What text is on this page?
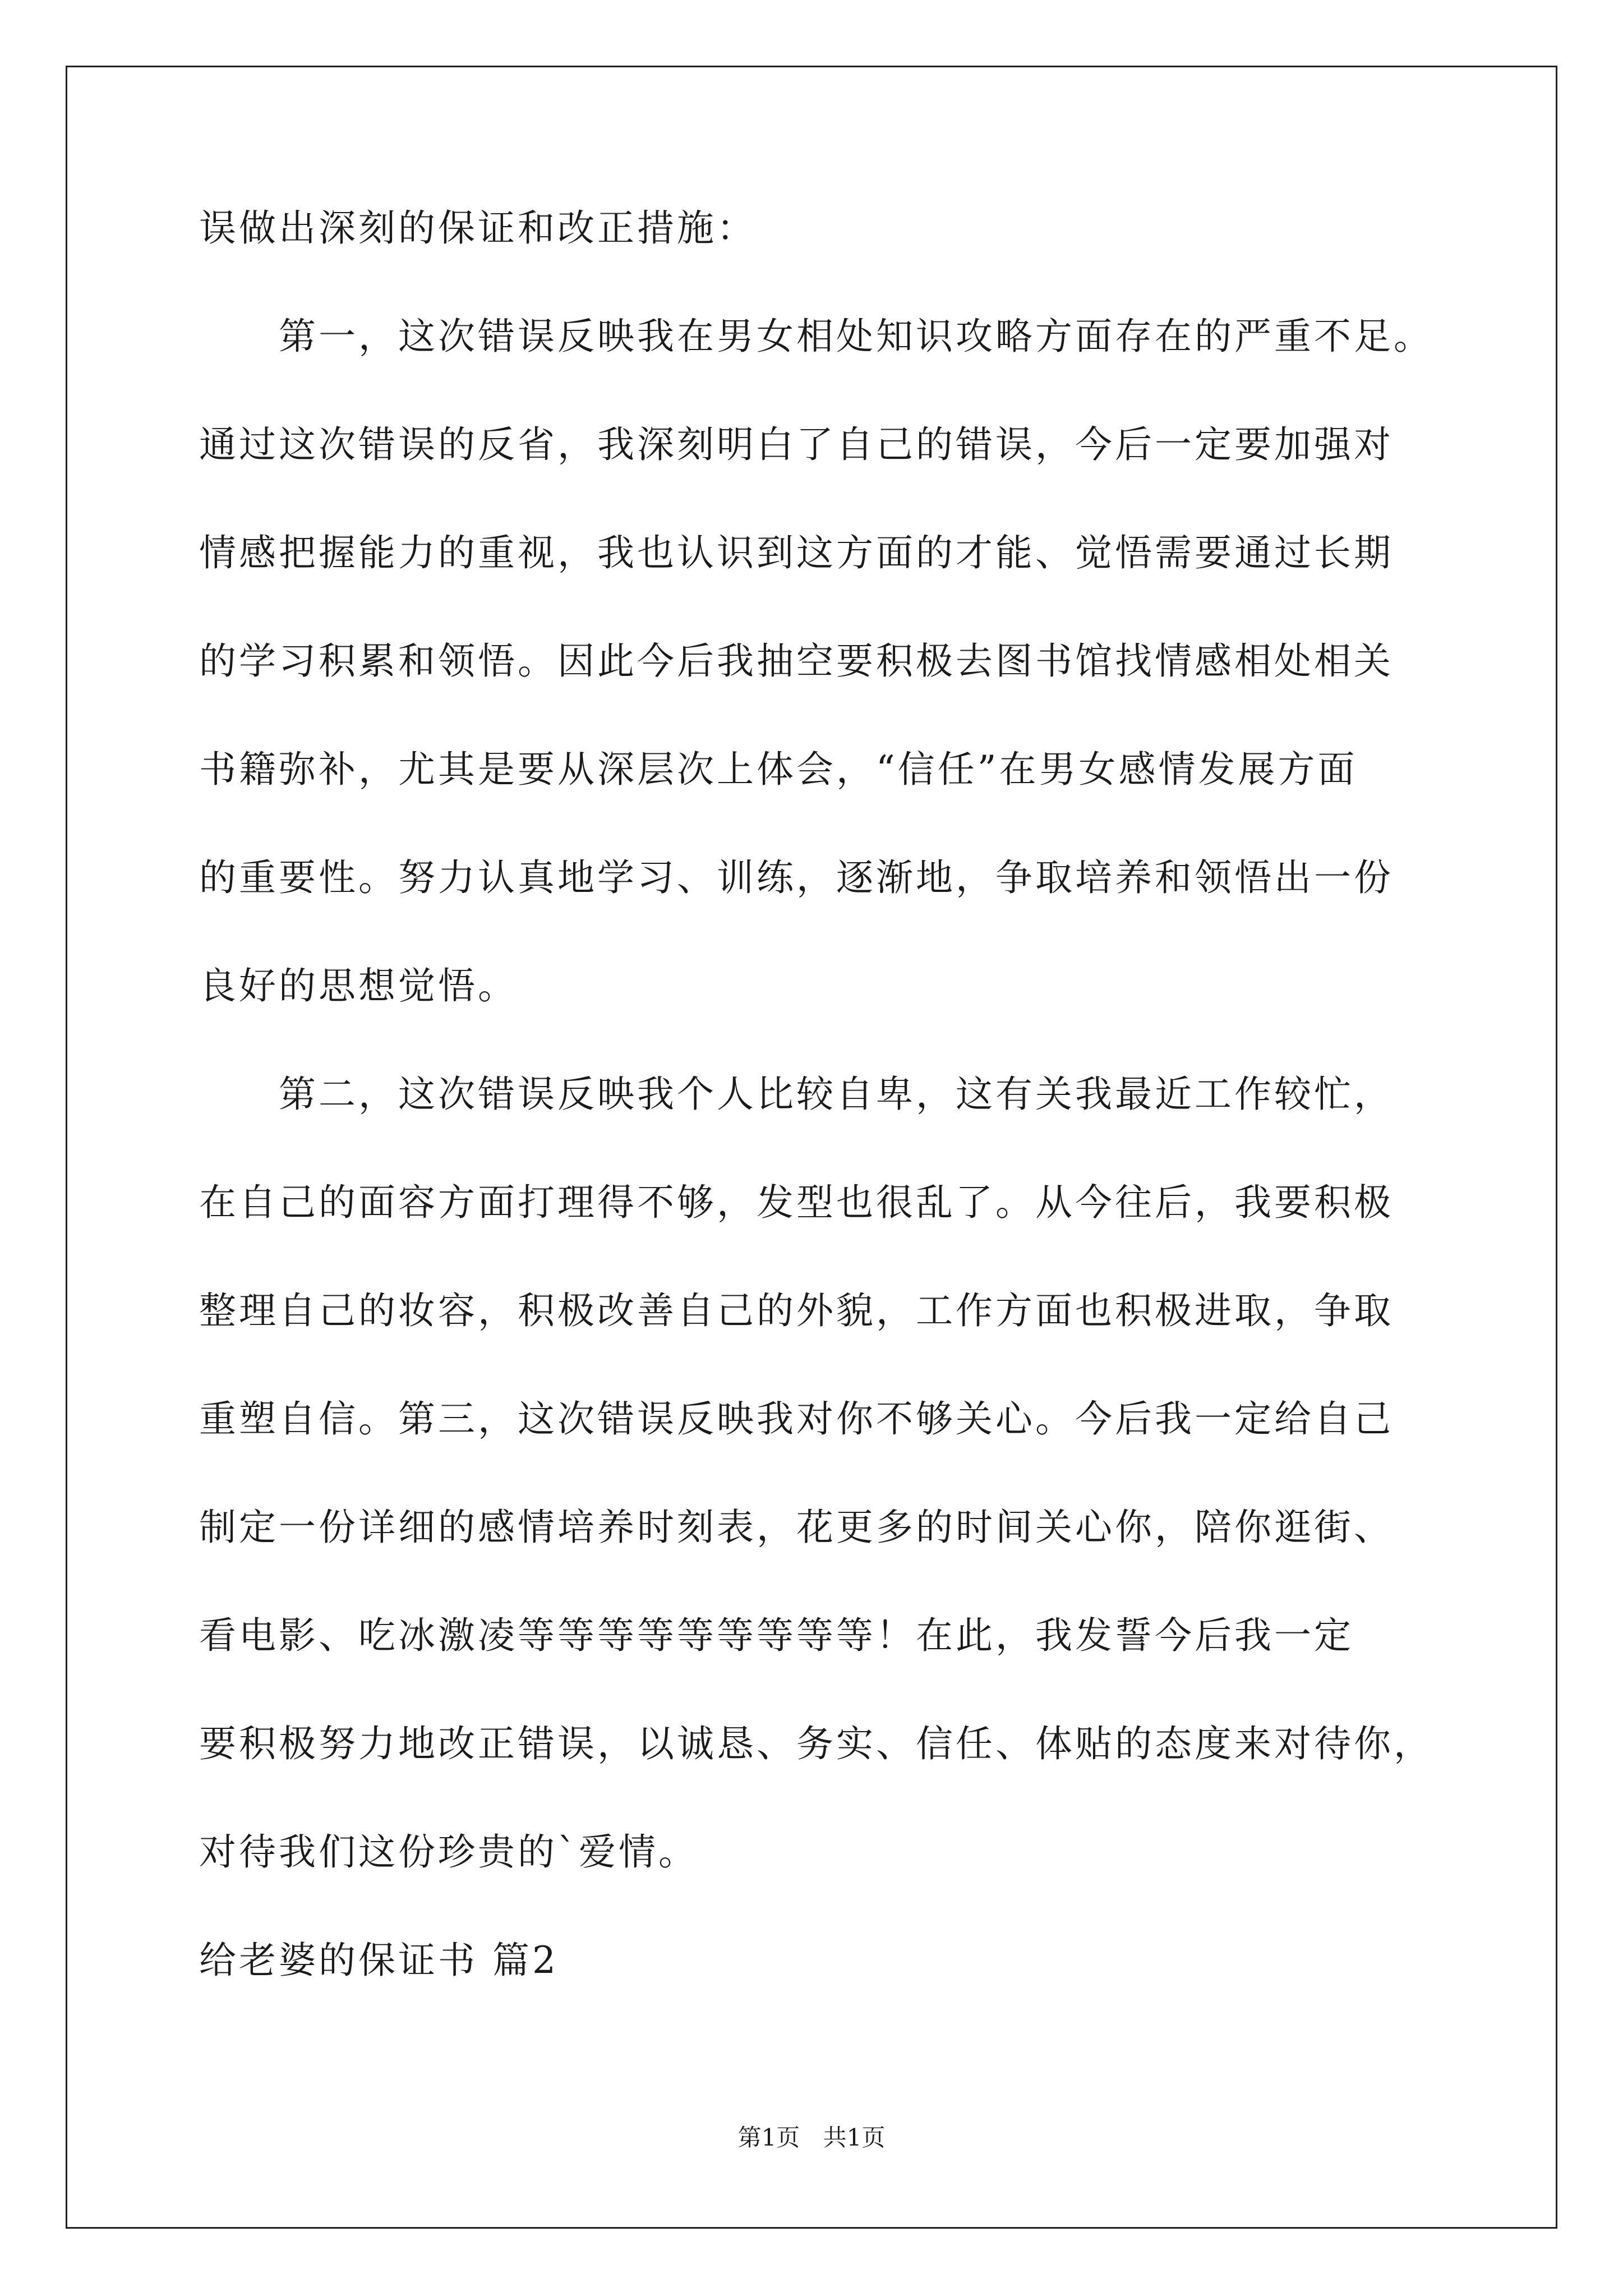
误做出深刻的保证和改正措施：
　　第一，这次错误反映我在男女相处知识攻略方面存在的严重不足。
通过这次错误的反省，我深刻明白了自己的错误，今后一定要加强对
情感把握能力的重视，我也认识到这方面的才能、觉悟需要通过长期
的学习积累和领悟。因此今后我抽空要积极去图书馆找情感相处相关
书籍弥补，尤其是要从深层次上体会，“信任”在男女感情发展方面
的重要性。努力认真地学习、训练，逐渐地，争取培养和领悟出一份
良好的思想觉悟。
　　第二，这次错误反映我个人比较自卑，这有关我最近工作较忙，
在自己的面容方面打理得不够，发型也很乱了。从今往后，我要积极
整理自己的妆容，积极改善自己的外貌，工作方面也积极进取，争取
重塑自信。第三，这次错误反映我对你不够关心。今后我一定给自己
制定一份详细的感情培养时刻表，花更多的时间关心你，陪你逛街、
看电影、吃冰激凌等等等等等等等等等！在此，我发誓今后我一定
要积极努力地改正错误，以诚恳、务实、信任、体贴的态度来对待你，
对待我们这份珍贵的`爱情。
给老婆的保证书 篇2
第1页 共1页
